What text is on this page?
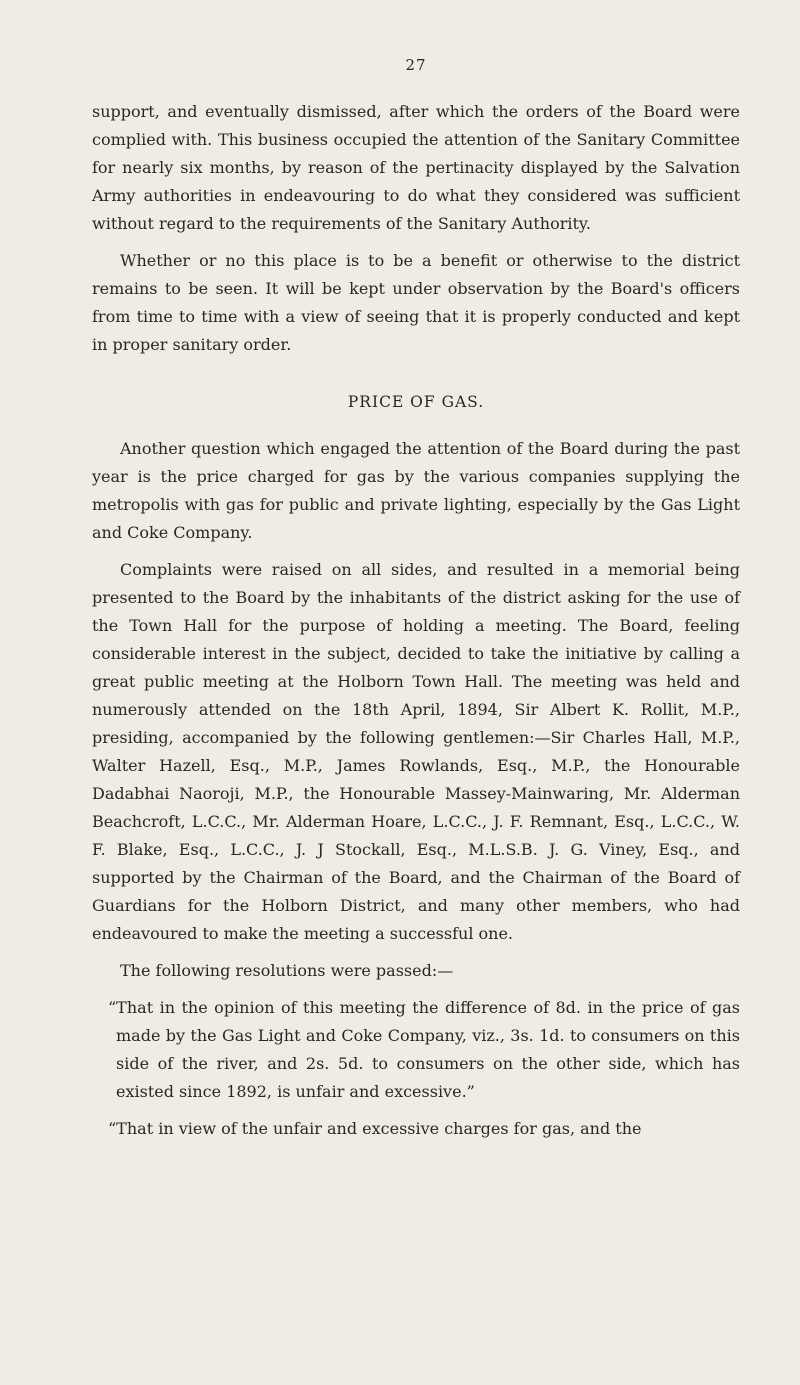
27

support, and eventually dismissed, after which the orders of the Board were complied with. This business occupied the attention of the Sanitary Committee for nearly six months, by reason of the pertinacity displayed by the Salvation Army authorities in endeavouring to do what they considered was sufficient without regard to the requirements of the Sanitary Authority.

Whether or no this place is to be a benefit or otherwise to the district remains to be seen. It will be kept under observation by the Board's officers from time to time with a view of seeing that it is properly conducted and kept in proper sanitary order.

PRICE OF GAS.

Another question which engaged the attention of the Board during the past year is the price charged for gas by the various companies supplying the metropolis with gas for public and private lighting, especially by the Gas Light and Coke Company.

Complaints were raised on all sides, and resulted in a memorial being presented to the Board by the inhabitants of the district asking for the use of the Town Hall for the purpose of holding a meeting. The Board, feeling considerable interest in the subject, decided to take the initiative by calling a great public meeting at the Holborn Town Hall. The meeting was held and numerously attended on the 18th April, 1894, Sir Albert K. Rollit, M.P., presiding, accompanied by the following gentlemen:—Sir Charles Hall, M.P., Walter Hazell, Esq., M.P., James Rowlands, Esq., M.P., the Honourable Dadabhai Naoroji, M.P., the Honourable Massey-Mainwaring, Mr. Alderman Beachcroft, L.C.C., Mr. Alderman Hoare, L.C.C., J. F. Remnant, Esq., L.C.C., W. F. Blake, Esq., L.C.C., J. J Stockall, Esq., M.L.S.B. J. G. Viney, Esq., and supported by the Chairman of the Board, and the Chairman of the Board of Guardians for the Holborn District, and many other members, who had endeavoured to make the meeting a successful one.

The following resolutions were passed:—

“That in the opinion of this meeting the difference of 8d. in the price of gas made by the Gas Light and Coke Company, viz., 3s. 1d. to consumers on this side of the river, and 2s. 5d. to consumers on the other side, which has existed since 1892, is unfair and excessive.”

“That in view of the unfair and excessive charges for gas, and the
